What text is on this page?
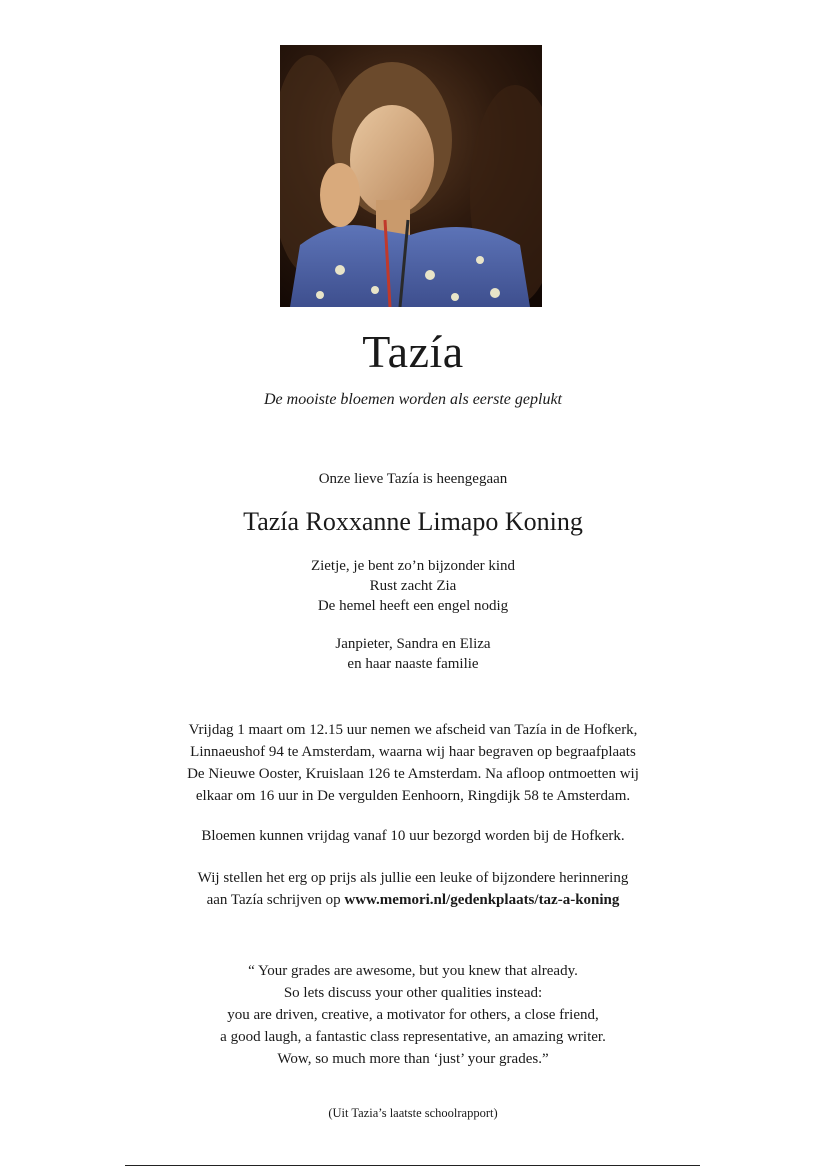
Tazía
De mooiste bloemen worden als eerste geplukt
Onze lieve Tazía is heengegaan
Tazía Roxxanne Limapo Koning
Zietje, je bent zo’n bijzonder kind
Rust zacht Zia
De hemel heeft een engel nodig
Janpieter, Sandra en Eliza
en haar naaste familie
Vrijdag 1 maart om 12.15 uur nemen we afscheid van Tazía in de Hofkerk,
Linnaeushof 94 te Amsterdam, waarna wij haar begraven op begraafplaats
De Nieuwe Ooster, Kruislaan 126 te Amsterdam. Na afloop ontmoetten wij
elkaar om 16 uur in De vergulden Eenhoorn, Ringdijk 58 te Amsterdam.
Bloemen kunnen vrijdag vanaf 10 uur bezorgd worden bij de Hofkerk.
Wij stellen het erg op prijs als jullie een leuke of bijzondere herinnering
aan Tazía schrijven op www.memori.nl/gedenkplaats/taz-a-koning
“ Your grades are awesome, but you knew that already.
So lets discuss your other qualities instead:
you are driven, creative, a motivator for others, a close friend,
a good laugh, a fantastic class representative, an amazing writer.
Wow, so much more than ‘just’ your grades.”
(Uit Tazia’s laatste schoolrapport)
